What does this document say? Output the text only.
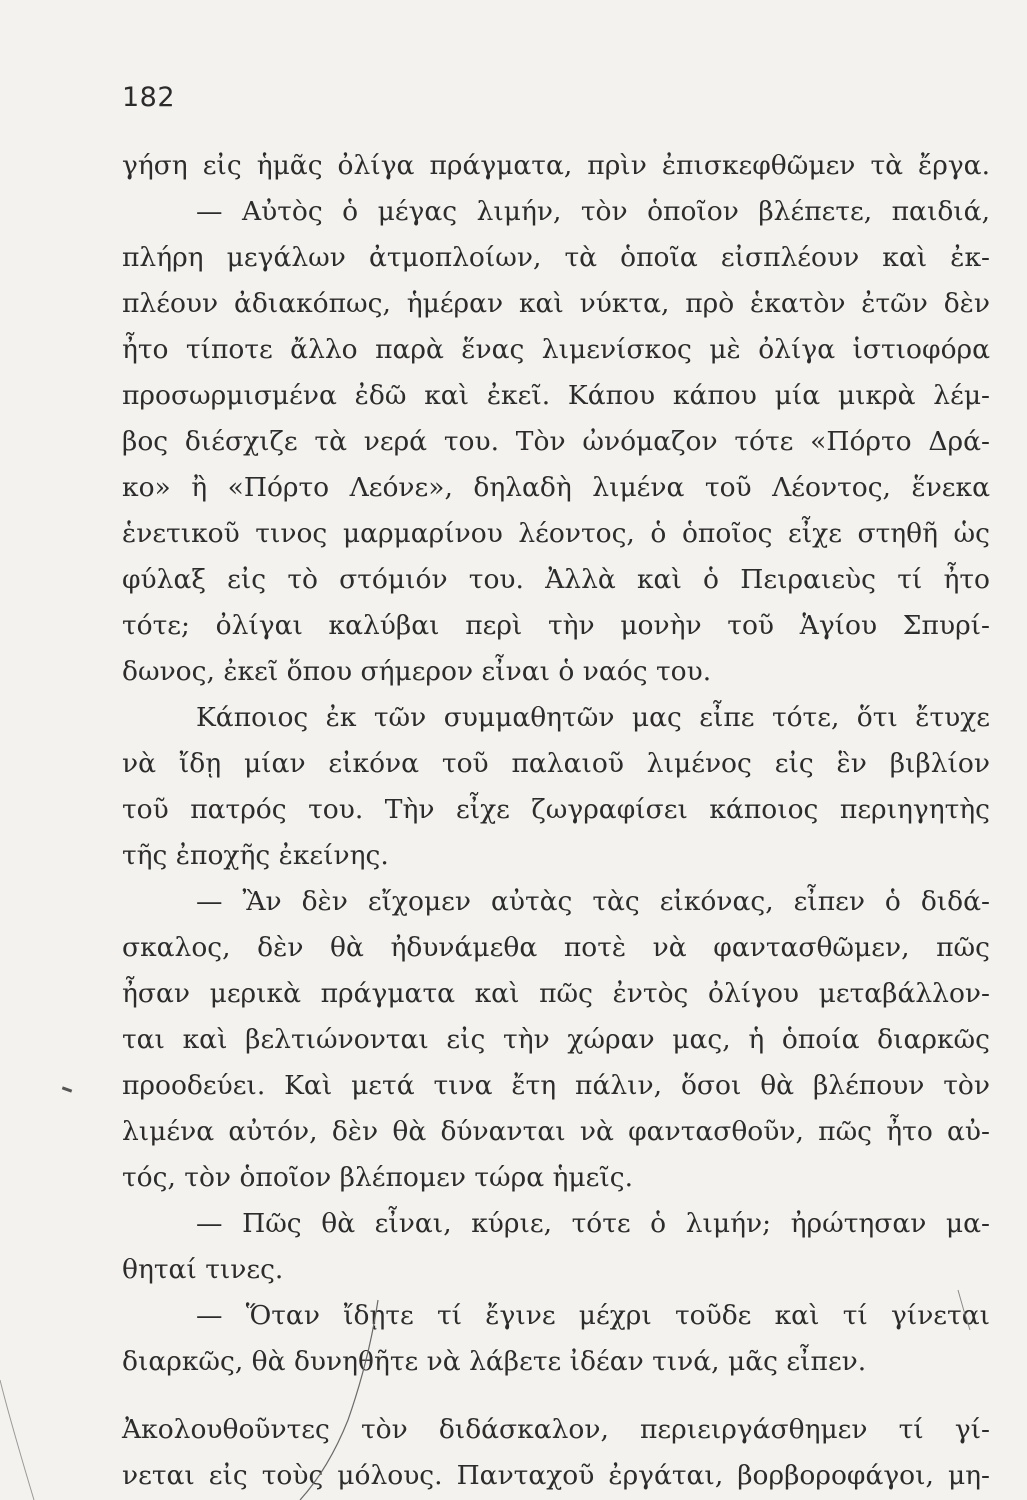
182
γήση εἰς ἡμᾶς ὀλίγα πράγματα, πρὶν ἐπισκεφθῶμεν τὰ ἔργα.
— Αὐτὸς ὁ μέγας λιμήν, τὸν ὁποῖον βλέπετε, παιδιά,
πλήρη μεγάλων ἀτμοπλοίων, τὰ ὁποῖα εἰσπλέουν καὶ ἐκ-
πλέουν ἀδιακόπως, ἡμέραν καὶ νύκτα, πρὸ ἑκατὸν ἐτῶν δὲν
ἦτο τίποτε ἄλλο παρὰ ἕνας λιμενίσκος μὲ ὀλίγα ἱστιοφόρα
προσωρμισμένα ἐδῶ καὶ ἐκεῖ. Κάπου κάπου μία μικρὰ λέμ-
βος διέσχιζε τὰ νερά του. Τὸν ὠνόμαζον τότε «Πόρτο Δρά-
κο» ἢ «Πόρτο Λεόνε», δηλαδὴ λιμένα τοῦ Λέοντος, ἕνεκα
ἑνετικοῦ τινος μαρμαρίνου λέοντος, ὁ ὁποῖος εἶχε στηθῆ ὡς
φύλαξ εἰς τὸ στόμιόν του. Ἀλλὰ καὶ ὁ Πειραιεὺς τί ἦτο
τότε; ὀλίγαι καλύβαι περὶ τὴν μονὴν τοῦ Ἁγίου Σπυρί-
δωνος, ἐκεῖ ὅπου σήμερον εἶναι ὁ ναός του.
Κάποιος ἐκ τῶν συμμαθητῶν μας εἶπε τότε, ὅτι ἔτυχε
νὰ ἴδῃ μίαν εἰκόνα τοῦ παλαιοῦ λιμένος εἰς ἓν βιβλίον
τοῦ πατρός του. Τὴν εἶχε ζωγραφίσει κάποιος περιηγητὴς
τῆς ἐποχῆς ἐκείνης.
— Ἂν δὲν εἴχομεν αὐτὰς τὰς εἰκόνας, εἶπεν ὁ διδά-
σκαλος, δὲν θὰ ἠδυνάμεθα ποτὲ νὰ φαντασθῶμεν, πῶς
ἦσαν μερικὰ πράγματα καὶ πῶς ἐντὸς ὀλίγου μεταβάλλον-
ται καὶ βελτιώνονται εἰς τὴν χώραν μας, ἡ ὁποία διαρκῶς
προοδεύει. Καὶ μετά τινα ἔτη πάλιν, ὅσοι θὰ βλέπουν τὸν
λιμένα αὐτόν, δὲν θὰ δύνανται νὰ φαντασθοῦν, πῶς ἦτο αὐ-
τός, τὸν ὁποῖον βλέπομεν τώρα ἡμεῖς.
— Πῶς θὰ εἶναι, κύριε, τότε ὁ λιμήν; ἠρώτησαν μα-
θηταί τινες.
— Ὅταν ἴδῃτε τί ἔγινε μέχρι τοῦδε καὶ τί γίνεται
διαρκῶς, θὰ δυνηθῆτε νὰ λάβετε ἰδέαν τινά, μᾶς εἶπεν.
Ἀκολουθοῦντες τὸν διδάσκαλον, περιειργάσθημεν τί γί-
νεται εἰς τοὺς μόλους. Πανταχοῦ ἐργάται, βορβοροφάγοι, μη-
